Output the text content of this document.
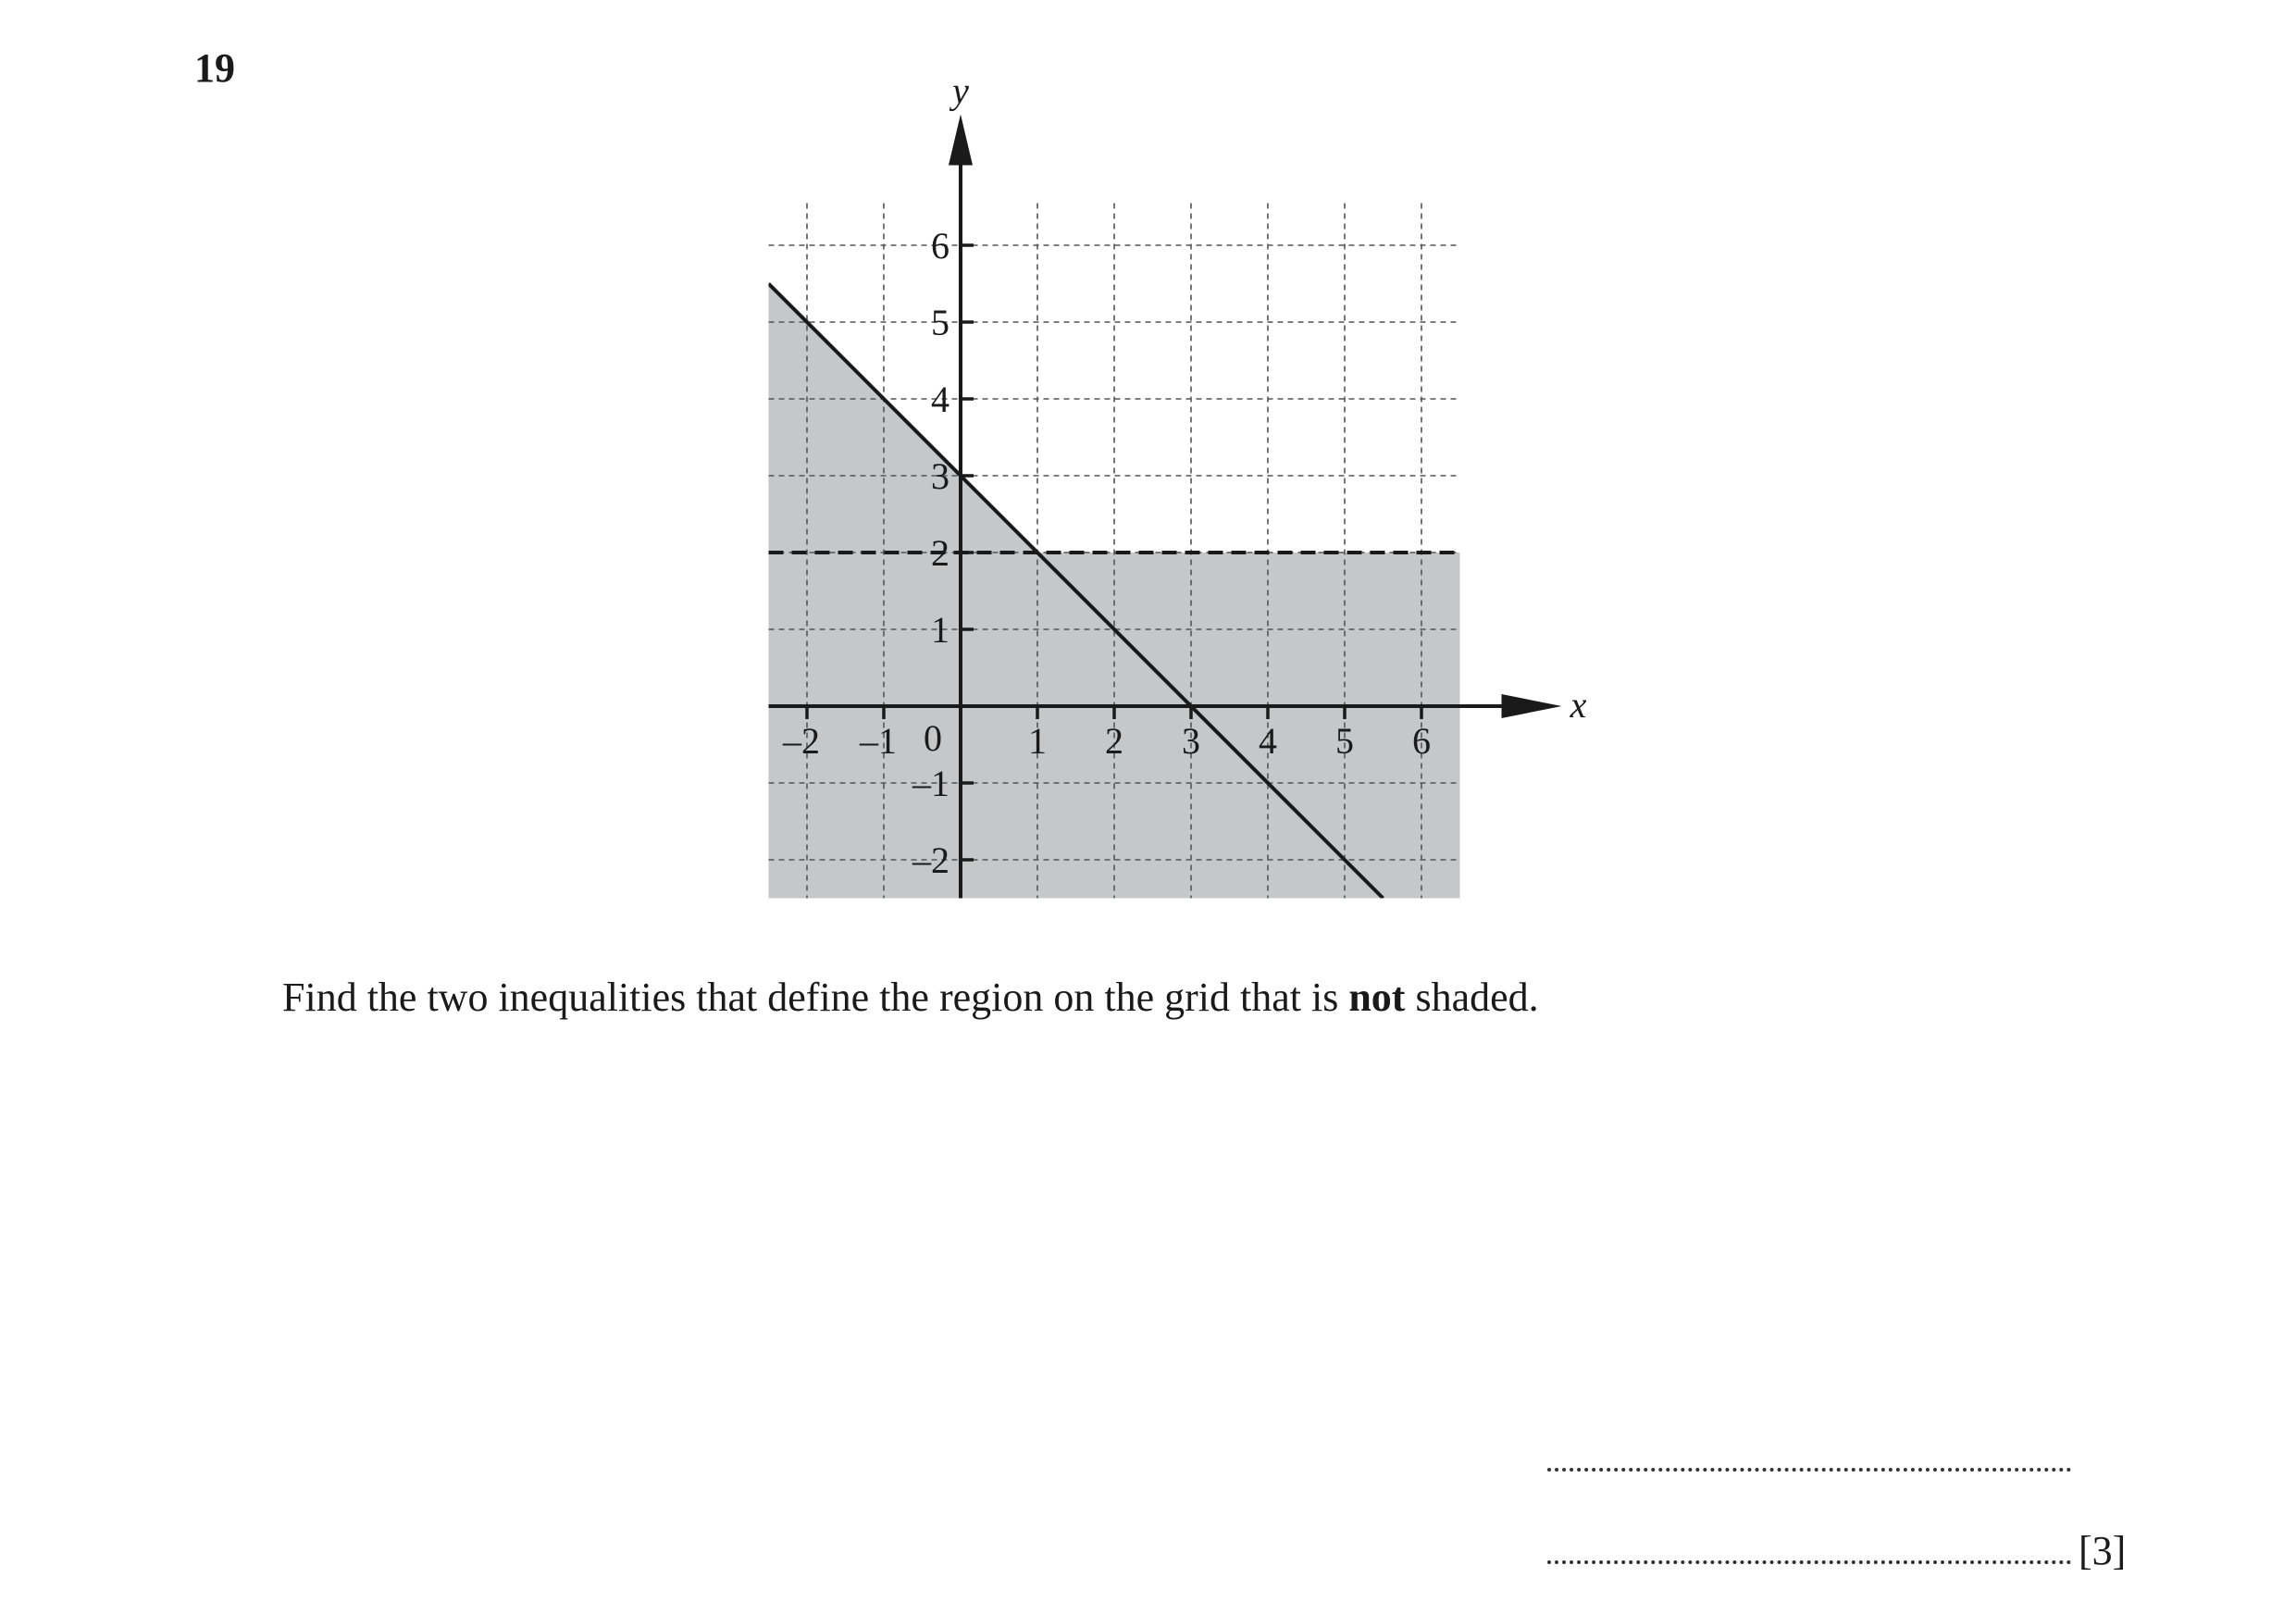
19
–2 –1	1 2 3 4 5 6
–2
–1
1
2
3
4
5
6
0
x
y
Find the two inequalities that define the region on the grid that is not shaded.
[3]
